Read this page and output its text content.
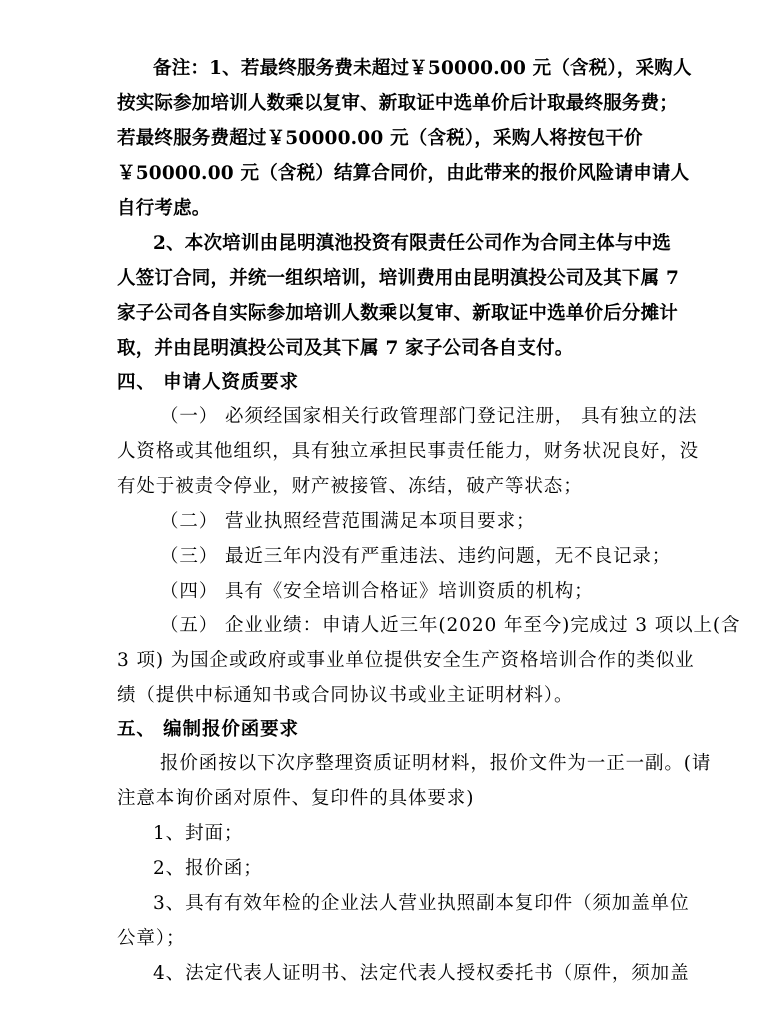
备注：1、若最终服务费未超过￥50000.00 元（含税），采购人

按实际参加培训人数乘以复审、新取证中选单价后计取最终服务费；

若最终服务费超过￥50000.00 元（含税），采购人将按包干价

￥50000.00 元（含税）结算合同价，由此带来的报价风险请申请人

自行考虑。

2、本次培训由昆明滇池投资有限责任公司作为合同主体与中选

人签订合同，并统一组织培训，培训费用由昆明滇投公司及其下属 7

家子公司各自实际参加培训人数乘以复审、新取证中选单价后分摊计

取，并由昆明滇投公司及其下属 7 家子公司各自支付。

四、 申请人资质要求

（一） 必须经国家相关行政管理部门登记注册， 具有独立的法

人资格或其他组织，具有独立承担民事责任能力，财务状况良好，没

有处于被责令停业，财产被接管、冻结，破产等状态；

（二） 营业执照经营范围满足本项目要求；

（三） 最近三年内没有严重违法、违约问题，无不良记录；

（四） 具有《安全培训合格证》培训资质的机构；

（五） 企业业绩：申请人近三年(2020 年至今)完成过 3 项以上(含

3 项) 为国企或政府或事业单位提供安全生产资格培训合作的类似业

绩（提供中标通知书或合同协议书或业主证明材料）。

五、 编制报价函要求

报价函按以下次序整理资质证明材料，报价文件为一正一副。(请

注意本询价函对原件、复印件的具体要求)

1、封面；

2、报价函；

3、具有有效年检的企业法人营业执照副本复印件（须加盖单位

公章）；

4、法定代表人证明书、法定代表人授权委托书（原件，须加盖
